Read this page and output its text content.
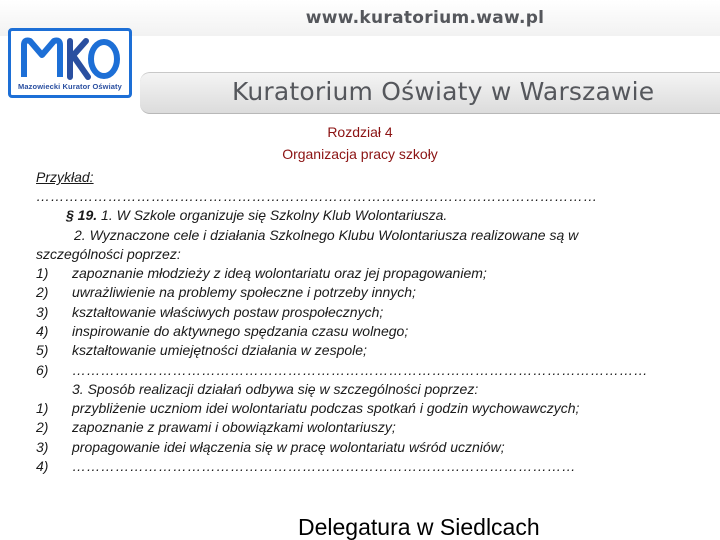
www.kuratorium.waw.pl
Mazowiecki Kurator Oświaty	Kuratorium Oświaty w Warszawie
Rozdział 4
Organizacja pracy szkoły
Przykład:
………………………………………………………………………………………………………
§ 19. 1. W Szkole organizuje się Szkolny Klub Wolontariusza.
2. Wyznaczone cele i działania Szkolnego Klubu Wolontariusza realizowane są w
szczególności poprzez:
1) zapoznanie młodzieży z ideą wolontariatu oraz jej propagowaniem;
2) uwrażliwienie na problemy społeczne i potrzeby innych;
3) kształtowanie właściwych postaw prospołecznych;
4) inspirowanie do aktywnego spędzania czasu wolnego;
5) kształtowanie umiejętności działania w zespole;
6) …………………………………………………………………………………………………………
3. Sposób realizacji działań odbywa się w szczególności poprzez:
1) przybliżenie uczniom idei wolontariatu podczas spotkań i godzin wychowawczych;
2) zapoznanie z prawami i obowiązkami wolontariuszy;
3) propagowanie idei włączenia się w pracę wolontariatu wśród uczniów;
4) ……………………………………………………………………………………………
Delegatura w Siedlcach
